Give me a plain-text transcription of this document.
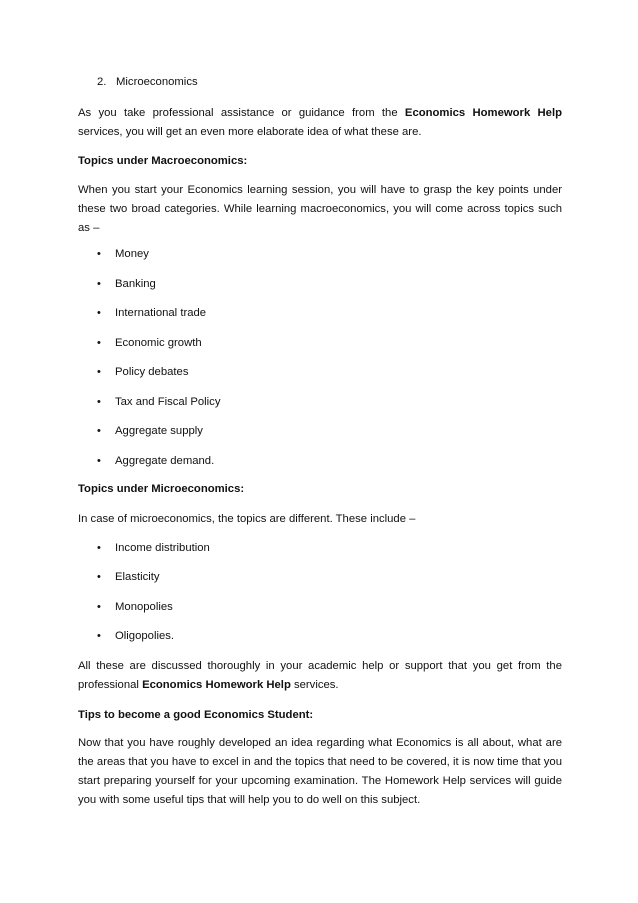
2. Microeconomics

As you take professional assistance or guidance from the Economics Homework Help services, you will get an even more elaborate idea of what these are.

Topics under Macroeconomics:

When you start your Economics learning session, you will have to grasp the key points under these two broad categories. While learning macroeconomics, you will come across topics such as –

• Money
• Banking
• International trade
• Economic growth
• Policy debates
• Tax and Fiscal Policy
• Aggregate supply
• Aggregate demand.

Topics under Microeconomics:

In case of microeconomics, the topics are different. These include –

• Income distribution
• Elasticity
• Monopolies
• Oligopolies.

All these are discussed thoroughly in your academic help or support that you get from the professional Economics Homework Help services.

Tips to become a good Economics Student:

Now that you have roughly developed an idea regarding what Economics is all about, what are the areas that you have to excel in and the topics that need to be covered, it is now time that you start preparing yourself for your upcoming examination. The Homework Help services will guide you with some useful tips that will help you to do well on this subject.
